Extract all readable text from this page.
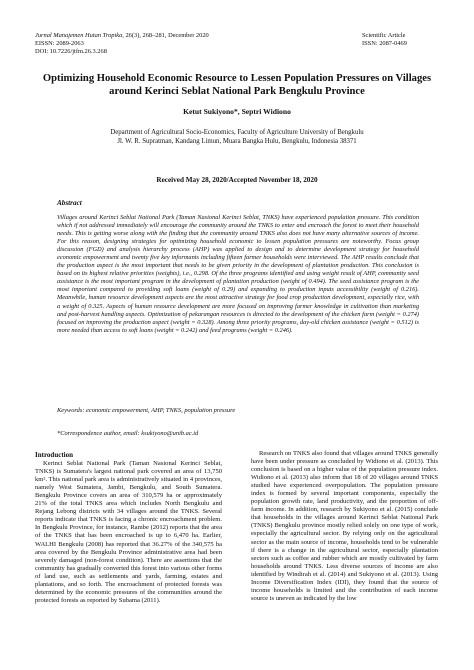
Jurnal Manajemen Hutan Tropika, 26(3), 268–281, December 2020
EISSN: 2089-2063
DOI: 10.7226/jtfm.26.3.268
Scientific Article
ISSN: 2087-0469
Optimizing Household Economic Resource to Lessen Population Pressures on Villages
around Kerinci Seblat National Park Bengkulu Province
Ketut Sukiyono*, Septri Widiono
Department of Agricultural Socio-Economics, Faculty of Agriculture University of Bengkulu
Jl. W. R. Supratman, Kandang Limun, Muara Bangka Hulu, Bengkulu, Indonesia 38371
Received May 28, 2020/Accepted November 18, 2020
Abstract

Villages around Kerinci Seblat National Park (Taman Nasional Kerinci Seblat, TNKS) have experienced population pressure. This condition which if not addressed immediately will encourage the community around the TNKS to enter and encroach the forest to meet their household needs. This is getting worse along with the finding that the community around TNKS also does not have many alternative sources of income. For this reason, designing strategies for optimizing household economic to lessen population pressures are noteworthy. Focus group discussion (FGD) and analysis hierarchy process (AHP) was applied to design and to determine development strategy for household economic empowerment and twenty five key informants including fifteen farmer households were interviewed. The AHP results conclude that the production aspect is the most important that needs to be given priority in the development of plantation production. This conclusion is based on its highest relative priorities (weights), i.e., 0.298. Of the three programs identified and using weight result of AHP, community seed assistance is the most important program in the development of plantation production (weight of 0.494). The seed assistance program is the most important compared to providing soft loans (weight of 0.29) and expanding to production inputs accessibility (weight of 0.216). Meanwhile, human resource development aspects are the most attractive strategy for food crop production development, especially rice, with a weight of 0.325. Aspects of human resource development are more focused on improving farmer knowledge in cultivation than marketing and post-harvest handling aspects. Optimization of pekarangan resources is directed to the development of the chicken farm (weight = 0.274) focused on improving the production aspect (weight = 0.328). Among three priority programs, day-old chicken assistance (weight = 0.512) is more needed than access to soft loans (weight = 0.242) and feed programs (weight = 0.246).

Keywords: economic empowerment, AHP, TNKS, population pressure
*Correspondence author, email: ksukiyono@unib.ac.id
Introduction

Kerinci Seblat National Park (Taman Nasional Kerinci Seblat, TNKS) is Sumatera's largest national park covered an area of 13,750 km². This national park area is administratively situated in 4 provinces, namely West Sumatera, Jambi, Bengkulu, and South Sumatera. Bengkulu Province covers an area of 310,579 ha or approximately 21% of the total TNKS area which includes North Bengkulu and Rejang Lebong districts with 34 villages around the TNKS. Several reports indicate that TNKS is facing a chronic encroachment problem. In Bengkulu Province, for instance, Rambe (2012) reports that the area of the TNKS that has been encroached is up to 6,470 ha. Earlier, WALHI Bengkulu (2008) has reported that 36.27% of the 340,575 ha area covered by the Bengkulu Province administrative area had been severely damaged (non-forest condition). There are assertions that the community has gradually converted this forest into various other forms of land use, such as settlements and yards, farming, estates and plantations, and so forth. The encroachment of protected forests was determined by the economic pressures of the communities around the protected forests as reported by Subama (2011).

Research on TNKS also found that villages around TNKS generally have been under pressure as concluded by Widiono et al. (2013). This conclusion is based on a higher value of the population pressure index. Widiono et al. (2013) also inform that 18 of 20 villages around TNKS studied have experienced overpopulation. The population pressure index is formed by several important components, especially the population growth rate, land productivity, and the proportion of off-farm income. In addition, research by Sukiyono et al. (2015) conclude that households in the villages around Kerinci Seblat National Park (TNKS) Bengkulu province mostly relied solely on one type of work, especially the agricultural sector. By relying only on the agricultural sector as the main source of income, households tend to be vulnerable if there is a change in the agricultural sector, especially plantation sectors such as coffee and rubber which are mostly cultivated by farm households around TNKS. Less diverse sources of income are also identified by Windirah et al. (2014) and Sukiyono et al. (2013). Using Income Diversification Index (IDI), they found that the source of income households is limited and the contribution of each income source is uneven as indicated by the low
